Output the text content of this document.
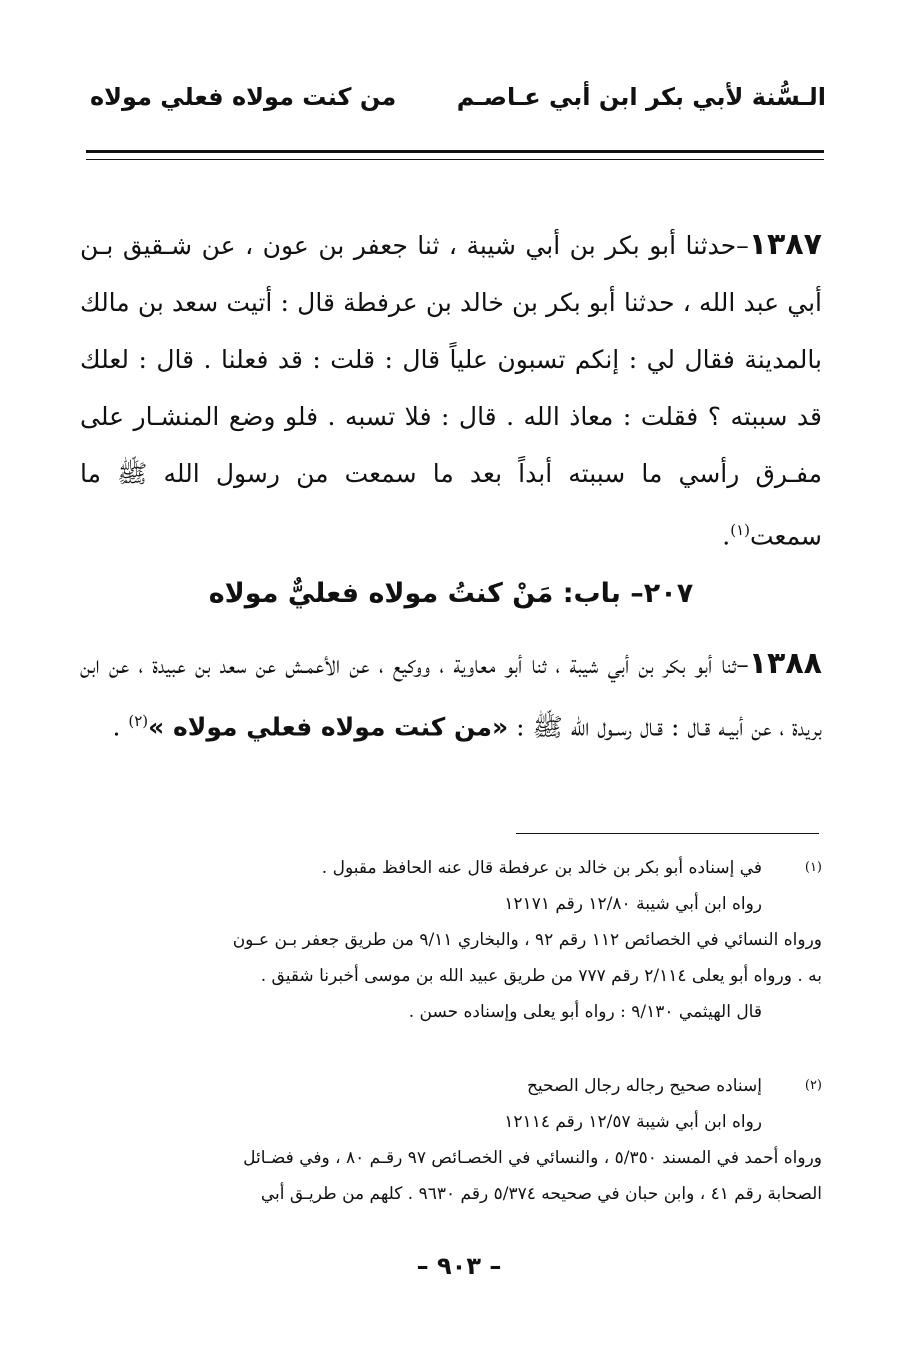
الـسُّنة لأبي بكر ابن أبي عـاصـم
من كنت مولاه فعلي مولاه
١٣٨٧–حدثنا أبو بكر بن أبي شيبة ، ثنا جعفر بن عون ، عن شـقيق بـن أبي عبد الله ، حدثنا أبو بكر بن خالد بن عرفطة قال : أتيت سعد بن مالك بالمدينة فقال لي : إنكم تسبون علياً قال : قلت : قد فعلنا . قال : لعلك قد سببته ؟ فقلت : معاذ الله . قال : فلا تسبه . فلو وضع المنشـار على مفـرق رأسي ما سببته أبداً بعد ما سمعت من رسول الله ﷺ ما سمعت$^{(١)}$.
٢٠٧– باب: مَنْ كنتُ مولاه فعليٌّ مولاه
١٣٨٨–ثنا أبو بكر بن أبي شيبة ، ثنا أبو معاوية ، ووكيع ، عن الأعمـش عن سعد بن عبيدة ، عن ابن بريدة ، عن أبيـه قـال : قـال رسـول الله ﷺ : «من كنت مولاه فعلي مولاه »$^{(٢)}$ .
(١)
في إسناده أبو بكر بن خالد بن عرفطة قال عنه الحافظ مقبول .
رواه ابن أبي شيبة ١٢/٨٠ رقم ١٢١٧١
ورواه النسائي في الخصائص ١١٢ رقم ٩٢ ، والبخاري ٩/١١ من طريق جعفر بـن عـون
به . ورواه أبو يعلى ٢/١١٤ رقم ٧٧٧ من طريق عبيد الله بن موسى أخبرنا شقيق .
قال الهيثمي ٩/١٣٠ : رواه أبو يعلى وإسناده حسن .
(٢)
إسناده صحيح رجاله رجال الصحيح
رواه ابن أبي شيبة ١٢/٥٧ رقم ١٢١١٤
ورواه أحمد في المسند ٥/٣٥٠ ، والنسائي في الخصـائص ٩٧ رقـم ٨٠ ، وفي فضـائل
الصحابة رقم ٤١ ، وابن حبان في صحيحه ٥/٣٧٤ رقم ٩٦٣٠ . كلهم من طريـق أبي
– ٩٠٣ –
